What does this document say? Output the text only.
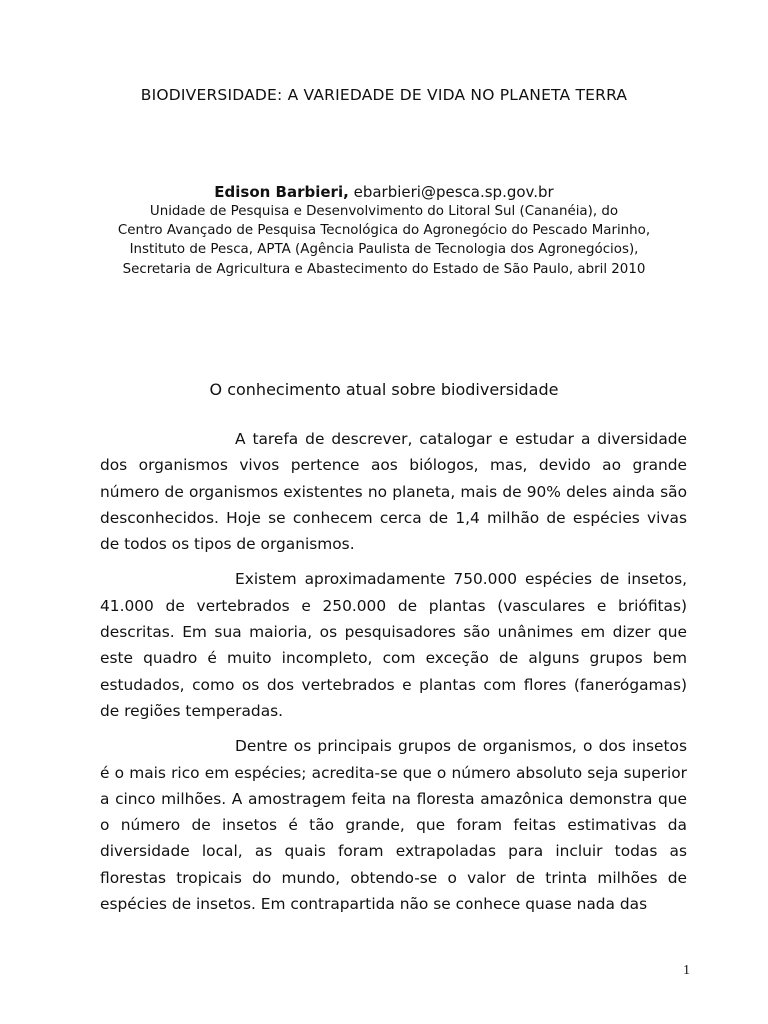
BIODIVERSIDADE: A VARIEDADE DE VIDA NO PLANETA TERRA
Edison Barbieri, ebarbieri@pesca.sp.gov.br
Unidade de Pesquisa e Desenvolvimento do Litoral Sul (Cananéia), do
Centro Avançado de Pesquisa Tecnológica do Agronegócio do Pescado Marinho,
Instituto de Pesca, APTA (Agência Paulista de Tecnologia dos Agronegócios),
Secretaria de Agricultura e Abastecimento do Estado de São Paulo, abril 2010
O conhecimento atual sobre biodiversidade

A tarefa de descrever, catalogar e estudar a diversidade dos organismos vivos pertence aos biólogos, mas, devido ao grande número de organismos existentes no planeta, mais de 90% deles ainda são desconhecidos. Hoje se conhecem cerca de 1,4 milhão de espécies vivas de todos os tipos de organismos.

Existem aproximadamente 750.000 espécies de insetos, 41.000 de vertebrados e 250.000 de plantas (vasculares e briófitas) descritas. Em sua maioria, os pesquisadores são unânimes em dizer que este quadro é muito incompleto, com exceção de alguns grupos bem estudados, como os dos vertebrados e plantas com flores (fanerógamas) de regiões temperadas.

Dentre os principais grupos de organismos, o dos insetos é o mais rico em espécies; acredita-se que o número absoluto seja superior a cinco milhões. A amostragem feita na floresta amazônica demonstra que o número de insetos é tão grande, que foram feitas estimativas da diversidade local, as quais foram extrapoladas para incluir todas as florestas tropicais do mundo, obtendo-se o valor de trinta milhões de espécies de insetos. Em contrapartida não se conhece quase nada das

1
